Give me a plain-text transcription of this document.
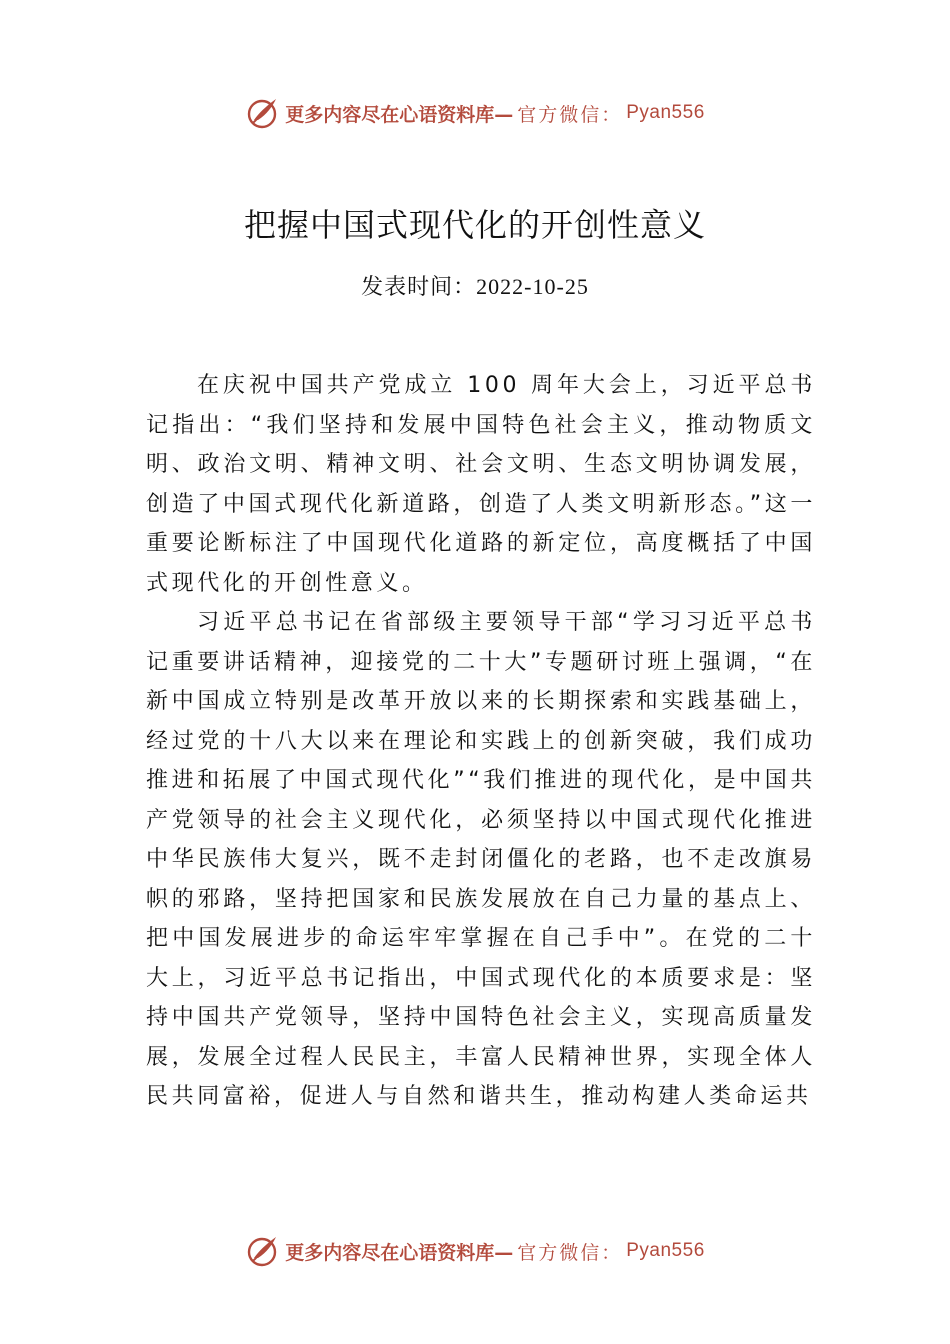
更多内容尽在心语资料库— 官方微信： Pyan556
把握中国式现代化的开创性意义
发表时间：2022-10-25

在庆祝中国共产党成立 100 周年大会上，习近平总书记指出：“我们坚持和发展中国特色社会主义，推动物质文明、政治文明、精神文明、社会文明、生态文明协调发展，创造了中国式现代化新道路，创造了人类文明新形态。”这一重要论断标注了中国现代化道路的新定位，高度概括了中国式现代化的开创性意义。

习近平总书记在省部级主要领导干部“学习习近平总书记重要讲话精神，迎接党的二十大”专题研讨班上强调，“在新中国成立特别是改革开放以来的长期探索和实践基础上， 经过党的十八大以来在理论和实践上的创新突破，我们成功推进和拓展了中国式现代化”“我们推进的现代化，是中国共产党领导的社会主义现代化，必须坚持以中国式现代化推进中华民族伟大复兴，既不走封闭僵化的老路，也不走改旗易帜的邪路，坚持把国家和民族发展放在自己力量的基点上、 把中国发展进步的命运牢牢掌握在自己手中”。在党的二十大上，习近平总书记指出，中国式现代化的本质要求是：坚持中国共产党领导，坚持中国特色社会主义，实现高质量发展，发展全过程人民民主，丰富人民精神世界，实现全体人民共同富裕，促进人与自然和谐共生，推动构建人类命运共

更多内容尽在心语资料库— 官方微信： Pyan556
